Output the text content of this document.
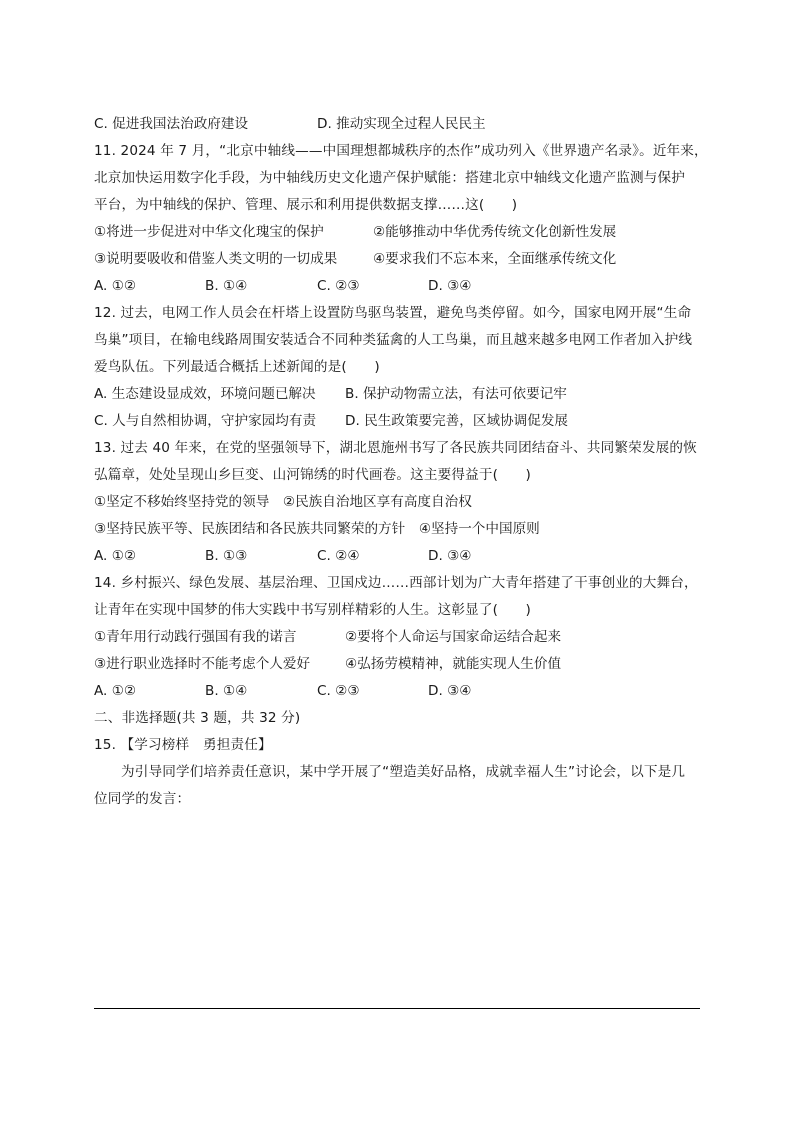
C. 促进我国法治政府建设	D. 推动实现全过程人民民主
11. 2024 年 7 月，“北京中轴线——中国理想都城秩序的杰作”成功列入《世界遗产名录》。近年来，
北京加快运用数字化手段，为中轴线历史文化遗产保护赋能：搭建北京中轴线文化遗产监测与保护
平台，为中轴线的保护、管理、展示和利用提供数据支撑……这(　　)
①将进一步促进对中华文化瑰宝的保护	②能够推动中华优秀传统文化创新性发展
③说明要吸收和借鉴人类文明的一切成果	④要求我们不忘本来，全面继承传统文化
A. ①②	B. ①④	C. ②③	D. ③④
12. 过去，电网工作人员会在杆塔上设置防鸟驱鸟装置，避免鸟类停留。如今，国家电网开展“生命
鸟巢”项目，在输电线路周围安装适合不同种类猛禽的人工鸟巢，而且越来越多电网工作者加入护线
爱鸟队伍。下列最适合概括上述新闻的是(　　)
A. 生态建设显成效，环境问题已解决 B. 保护动物需立法，有法可依要记牢
C. 人与自然相协调，守护家园均有责 D. 民生政策要完善，区域协调促发展
13. 过去 40 年来，在党的坚强领导下，湖北恩施州书写了各民族共同团结奋斗、共同繁荣发展的恢
弘篇章，处处呈现山乡巨变、山河锦绣的时代画卷。这主要得益于(　　)
①坚定不移始终坚持党的领导　②民族自治地区享有高度自治权
③坚持民族平等、民族团结和各民族共同繁荣的方针　④坚持一个中国原则
A. ①②	B. ①③	C. ②④	D. ③④
14. 乡村振兴、绿色发展、基层治理、卫国戍边……西部计划为广大青年搭建了干事创业的大舞台，
让青年在实现中国梦的伟大实践中书写别样精彩的人生。这彰显了(　　)
①青年用行动践行强国有我的诺言	②要将个人命运与国家命运结合起来
③进行职业选择时不能考虑个人爱好	④弘扬劳模精神，就能实现人生价值
A. ①②	B. ①④	C. ②③	D. ③④
二、非选择题(共 3 题，共 32 分)
15. 【学习榜样　勇担责任】
为引导同学们培养责任意识，某中学开展了“塑造美好品格，成就幸福人生”讨论会，以下是几
位同学的发言：
